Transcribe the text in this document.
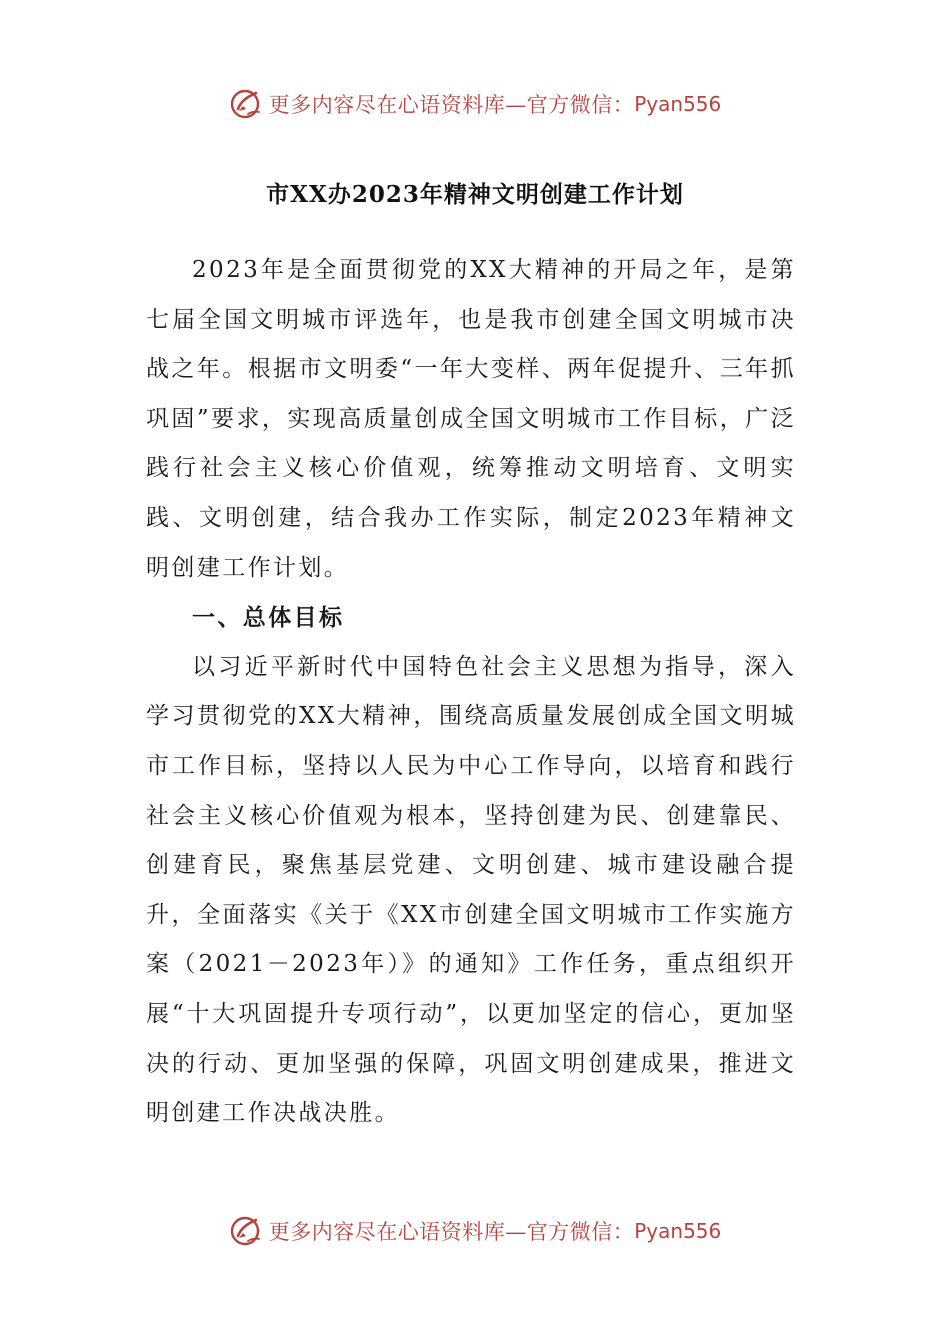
更多内容尽在心语资料库—官方微信： Pyan556
市XX办2023年精神文明创建工作计划

2023年是全面贯彻党的XX大精神的开局之年，是第七届全国文明城市评选年，也是我市创建全国文明城市决战之年。根据市文明委“一年大变样、两年促提升、三年抓巩固”要求，实现高质量创成全国文明城市工作目标，广泛践行社会主义核心价值观，统筹推动文明培育、文明实践、文明创建，结合我办工作实际，制定2023年精神文明创建工作计划。

一、总体目标

以习近平新时代中国特色社会主义思想为指导，深入学习贯彻党的XX大精神，围绕高质量发展创成全国文明城市工作目标，坚持以人民为中心工作导向，以培育和践行社会主义核心价值观为根本，坚持创建为民、创建靠民、创建育民，聚焦基层党建、文明创建、城市建设融合提升，全面落实《关于《XX市创建全国文明城市工作实施方案（2021－2023年）》的通知》工作任务，重点组织开展“十大巩固提升专项行动”，以更加坚定的信心，更加坚决的行动、更加坚强的保障，巩固文明创建成果，推进文明创建工作决战决胜。

更多内容尽在心语资料库—官方微信： Pyan556
